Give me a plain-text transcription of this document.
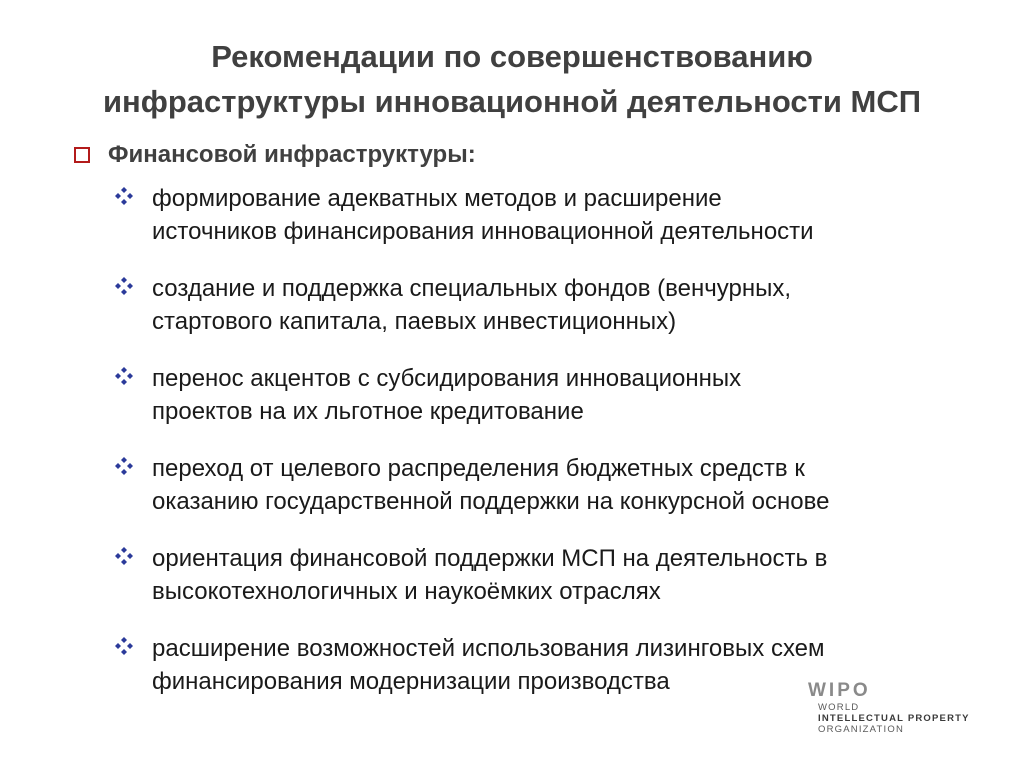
Рекомендации по совершенствованию
инфраструктуры инновационной деятельности МСП
Финансовой инфраструктуры:
формирование адекватных методов и расширение
источников финансирования инновационной деятельности
создание и поддержка специальных фондов (венчурных,
стартового капитала, паевых инвестиционных)
перенос акцентов с субсидирования инновационных
проектов на их льготное кредитование
переход от целевого распределения бюджетных средств к
оказанию государственной поддержки на конкурсной основе
ориентация финансовой поддержки МСП на деятельность в
высокотехнологичных и наукоёмких отраслях
расширение возможностей использования лизинговых схем
финансирования модернизации производства	WIPO
WORLD
INTELLECTUAL PROPERTY
ORGANIZATION
